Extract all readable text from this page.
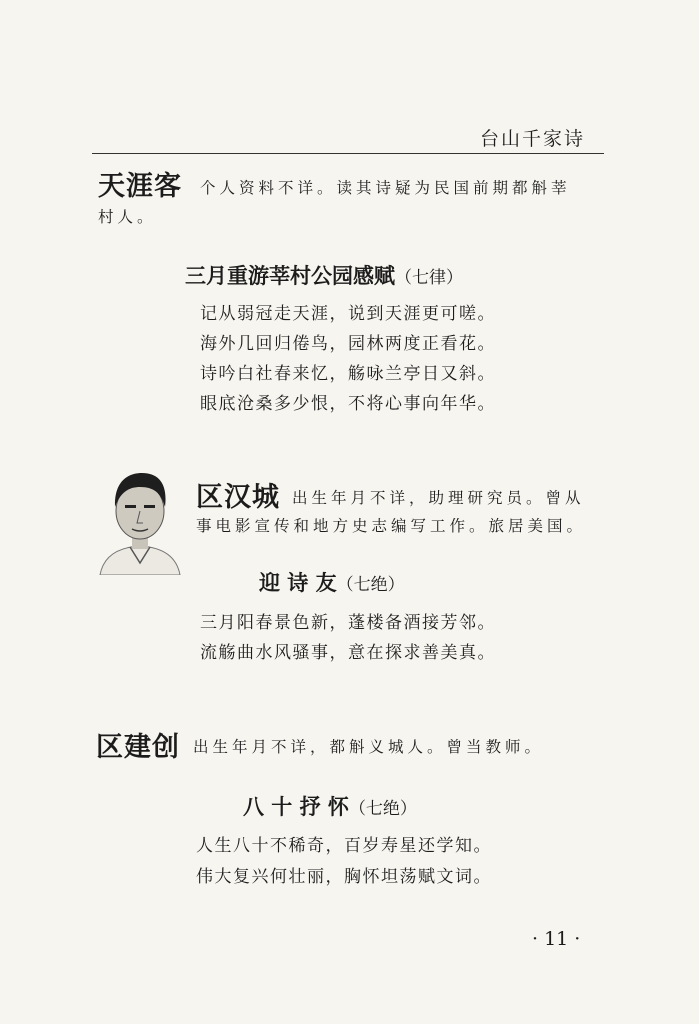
台山千家诗
天涯客 个人资料不详。读其诗疑为民国前期都斛莘
村人。
三月重游莘村公园感赋（七律）
记从弱冠走天涯，说到天涯更可嗟。
海外几回归倦鸟，园林两度正看花。
诗吟白社春来忆，觞咏兰亭日又斜。
眼底沧桑多少恨，不将心事向年华。
区汉城 出生年月不详，助理研究员。曾从
事电影宣传和地方史志编写工作。旅居美国。
迎 诗 友（七绝）
三月阳春景色新，蓬楼备酒接芳邻。
流觞曲水风骚事，意在探求善美真。
区建创 出生年月不详，都斛义城人。曾当教师。
八 十 抒 怀（七绝）
人生八十不稀奇，百岁寿星还学知。
伟大复兴何壮丽，胸怀坦荡赋文词。
· 11 ·
